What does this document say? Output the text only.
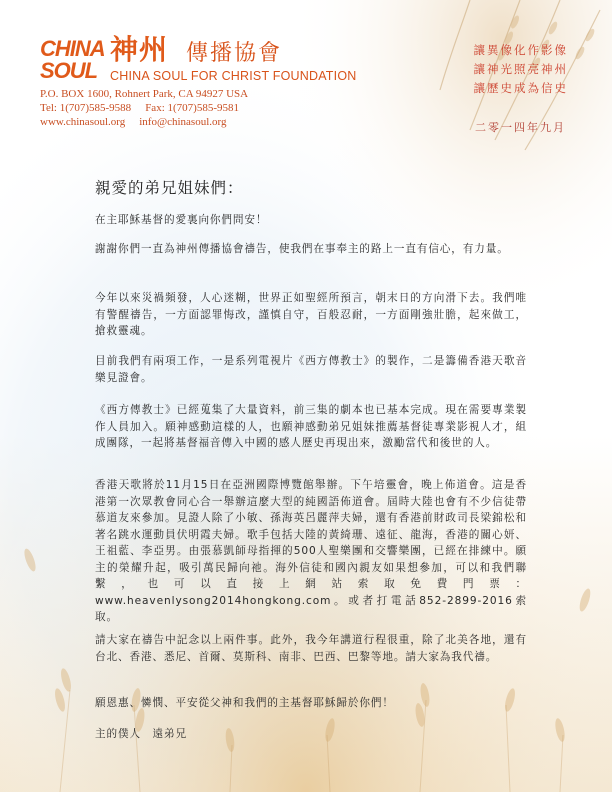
CHINA
SOUL
神州 傳播協會
CHINA SOUL FOR CHRIST FOUNDATION
P.O. BOX 1600, Rohnert Park, CA 94927 USA
Tel: 1(707)585-9588 Fax: 1(707)585-9581
www.chinasoul.org info@chinasoul.org
讓異像化作影像
讓神光照亮神州
讓歷史成為信史
二零一四年九月
親愛的弟兄姐妹們：
在主耶穌基督的愛裏向你們問安！
謝謝你們一直為神州傳播協會禱告，使我們在事奉主的路上一直有信心，有力量。
今年以來災禍頻發，人心迷糊，世界正如聖經所預言，朝末日的方向滑下去。我們唯有警醒禱告，一方面認罪悔改，謹慎自守，百般忍耐，一方面剛強壯膽，起來做工，搶救靈魂。
目前我們有兩項工作，一是系列電視片《西方傳教士》的製作，二是籌備香港天歌音樂見證會。
《西方傳教士》已經蒐集了大量資料，前三集的劇本也已基本完成。現在需要專業製作人員加入。願神感動這樣的人，也願神感動弟兄姐妹推薦基督徒專業影視人才，組成團隊，一起將基督福音傳入中國的感人歷史再現出來，激勵當代和後世的人。
香港天歌將於11月15日在亞洲國際博覽館舉辦。下午培靈會，晚上佈道會。這是香港第一次眾教會同心合一舉辦這麼大型的純國語佈道會。屆時大陸也會有不少信徒帶慕道友來參加。見證人除了小敏、孫海英呂麗萍夫婦，還有香港前財政司長梁錦松和著名跳水運動員伏明霞夫婦。歌手包括大陸的黃綺珊、遠征、龍海，香港的關心妍、王祖藍、李亞男。由張慕凱師母指揮的500人聖樂團和交響樂團，已經在排練中。願主的榮耀升起，吸引萬民歸向祂。海外信徒和國內親友如果想參加，可以和我們聯繫，也可以直接上網站索取免費門票：www.heavenlysong2014hongkong.com。或者打電話852-2899-2016索取。
請大家在禱告中記念以上兩件事。此外，我今年講道行程很重，除了北美各地，還有台北、香港、悉尼、首爾、莫斯科、南非、巴西、巴黎等地。請大家為我代禱。
願恩惠、憐憫、平安從父神和我們的主基督耶穌歸於你們！
主的僕人　遠弟兄
